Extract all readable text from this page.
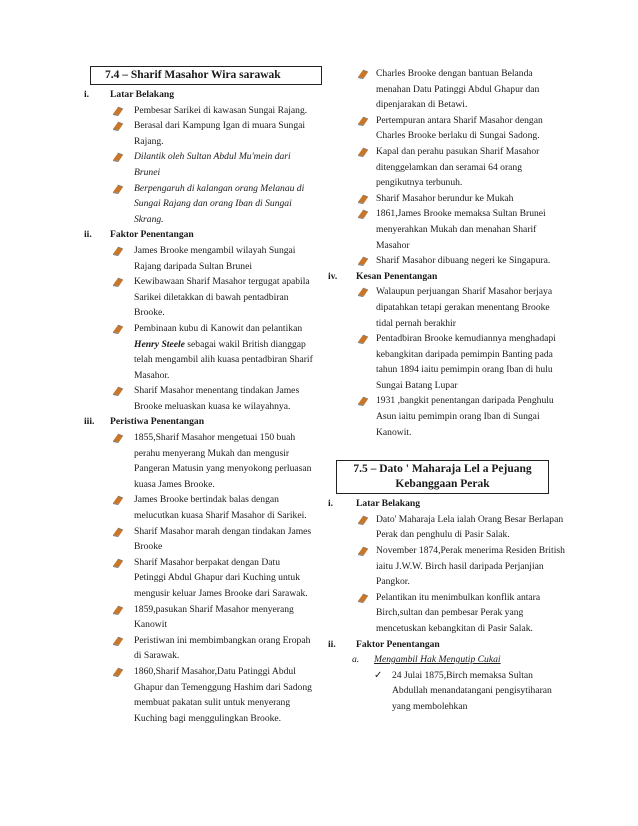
7.4 – Sharif Masahor Wira sarawak
i.	Latar Belakang
Pembesar Sarikei di kawasan Sungai Rajang.
Berasal dari Kampung Igan di muara Sungai Rajang.
Dilantik oleh Sultan Abdul Mu'mein dari Brunei
Berpengaruh di kalangan orang Melanau di Sungai Rajang dan orang Iban di Sungai Skrang.
ii.	Faktor Penentangan
James Brooke mengambil wilayah Sungai Rajang daripada Sultan Brunei
Kewibawaan Sharif Masahor tergugat apabila Sarikei diletakkan di bawah pentadbiran Brooke.
Pembinaan kubu di Kanowit dan pelantikan Henry Steele sebagai wakil British dianggap telah mengambil alih kuasa pentadbiran Sharif Masahor.
Sharif Masahor menentang tindakan James Brooke meluaskan kuasa ke wilayahnya.
iii.	Peristiwa Penentangan
1855,Sharif Masahor mengetuai 150 buah perahu menyerang Mukah dan mengusir Pangeran Matusin yang menyokong perluasan kuasa James Brooke.
James Brooke bertindak balas dengan melucutkan kuasa Sharif Masahor di Sarikei.
Sharif Masahor marah dengan tindakan James Brooke
Sharif Masahor berpakat dengan Datu Petinggi Abdul Ghapur dari Kuching untuk mengusir keluar James Brooke dari Sarawak.
1859,pasukan Sharif Masahor menyerang Kanowit
Peristiwan ini membimbangkan orang Eropah di Sarawak.
1860,Sharif Masahor,Datu Patinggi Abdul Ghapur dan Temenggung Hashim dari Sadong membuat pakatan sulit untuk menyerang Kuching bagi menggulingkan Brooke.
Charles Brooke dengan bantuan Belanda menahan Datu Patinggi Abdul Ghapur dan dipenjarakan di Betawi.
Pertempuran antara Sharif Masahor dengan Charles Brooke berlaku di Sungai Sadong.
Kapal dan perahu pasukan Sharif Masahor ditenggelamkan dan seramai 64 orang pengikutnya terbunuh.
Sharif Masahor berundur ke Mukah
1861,James Brooke memaksa Sultan Brunei menyerahkan Mukah dan menahan Sharif Masahor
Sharif Masahor dibuang negeri ke Singapura.
iv.	Kesan Penentangan
Walaupun perjuangan Sharif Masahor berjaya dipatahkan tetapi gerakan menentang Brooke tidal pernah berakhir
Pentadbiran Brooke kemudiannya menghadapi kebangkitan daripada pemimpin Banting pada tahun 1894 iaitu pemimpin orang Iban di hulu Sungai Batang Lupar
1931 ,bangkit penentangan daripada Penghulu Asun iaitu pemimpin orang Iban di Sungai Kanowit.
7.5 – Dato ' Maharaja Lel a Pejuang Kebanggaan Perak
i.	Latar Belakang
Dato' Maharaja Lela ialah Orang Besar Berlapan Perak dan penghulu di Pasir Salak.
November 1874,Perak menerima Residen British iaitu J.W.W. Birch hasil daripada Perjanjian Pangkor.
Pelantikan itu menimbulkan konflik antara Birch,sultan dan pembesar Perak yang mencetuskan kebangkitan di Pasir Salak.
ii.	Faktor Penentangan
a. Mengambil Hak Mengutip Cukai
✓ 24 Julai 1875,Birch memaksa Sultan Abdullah menandatangani pengisytiharan yang membolehkan
